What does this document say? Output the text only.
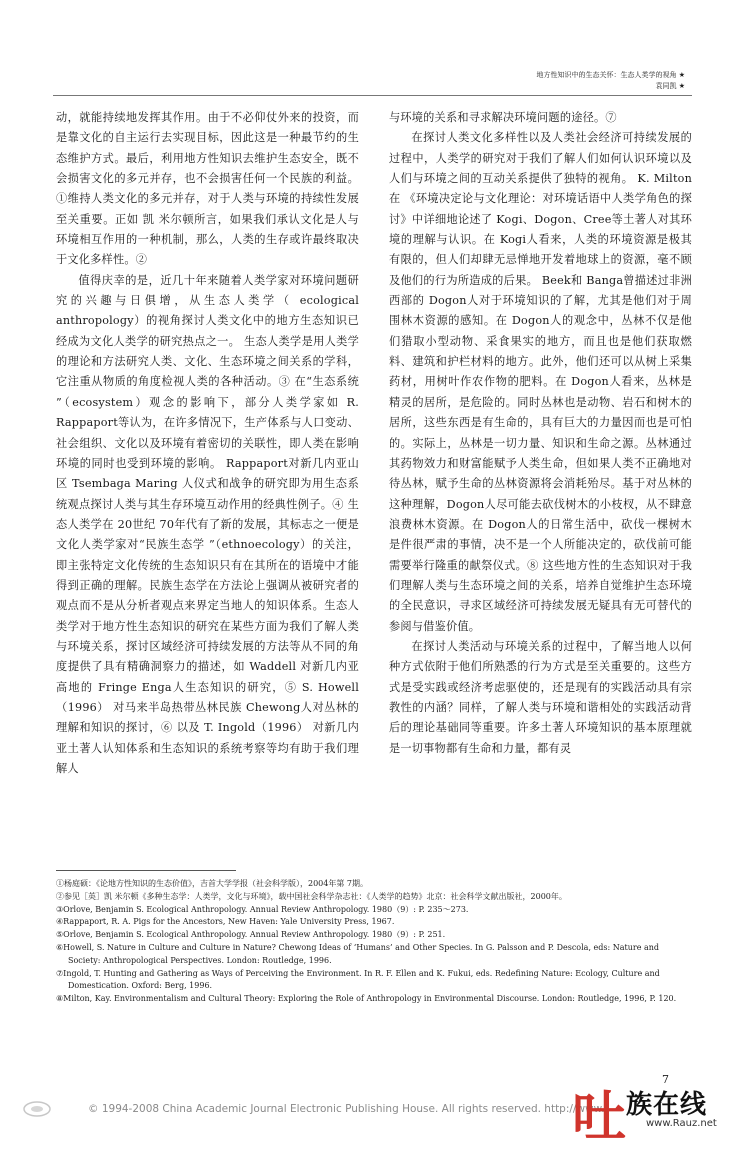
地方性知识中的生态关怀：生态人类学的视角 ★
袁同凯 ★

动，就能持续地发挥其作用。由于不必仰仗外来的投资，而是靠文化的自主运行去实现目标，因此这是一种最节约的生态维护方式。最后，利用地方性知识去维护生态安全，既不会损害文化的多元并存，也不会损害任何一个民族的利益。①维持人类文化的多元并存，对于人类与环境的持续性发展至关重要。正如 凯 米尔顿所言，如果我们承认文化是人与环境相互作用的一种机制，那么，人类的生存或许最终取决于文化多样性。②

值得庆幸的是，近几十年来随着人类学家对环境问题研究的兴趣与日俱增，从生态人类学（ ecological anthropology）的视角探讨人类文化中的地方生态知识已经成为文化人类学的研究热点之一。 生态人类学是用人类学的理论和方法研究人类、文化、生态环境之间关系的学科，它注重从物质的角度检视人类的各种活动。③ 在“生态系统 ”（ecosystem）观念的影响下，部分人类学家如 R. Rappaport等认为，在许多情况下，生产体系与人口变动、社会组织、文化以及环境有着密切的关联性，即人类在影响环境的同时也受到环境的影响。 Rappaport对新几内亚山区 Tsembaga Maring 人仪式和战争的研究即为用生态系统观点探讨人类与其生存环境互动作用的经典性例子。④ 生态人类学在 20世纪 70年代有了新的发展，其标志之一便是文化人类学家对“民族生态学 ”（ethnoecology）的关注，即主张特定文化传统的生态知识只有在其所在的语境中才能得到正确的理解。民族生态学在方法论上强调从被研究者的观点而不是从分析者观点来界定当地人的知识体系。生态人类学对于地方性生态知识的研究在某些方面为我们了解人类与环境关系，探讨区域经济可持续发展的方法等从不同的角度提供了具有精确洞察力的描述，如 Waddell 对新几内亚高地的 Fringe Enga人生态知识的研究，⑤ S. Howell（1996） 对马来半岛热带丛林民族 Chewong人对丛林的理解和知识的探讨，⑥ 以及 T. Ingold（1996） 对新几内亚土著人认知体系和生态知识的系统考察等均有助于我们理解人

与环境的关系和寻求解决环境问题的途径。⑦

在探讨人类文化多样性以及人类社会经济可持续发展的过程中，人类学的研究对于我们了解人们如何认识环境以及人们与环境之间的互动关系提供了独特的视角。 K. Milton在 《环境决定论与文化理论：对环境话语中人类学角色的探讨》中详细地论述了 Kogi、Dogon、Cree等土著人对其环境的理解与认识。在 Kogi人看来，人类的环境资源是极其有限的，但人们却肆无忌惮地开发着地球上的资源，毫不顾及他们的行为所造成的后果。 Beek和 Banga曾描述过非洲西部的 Dogon人对于环境知识的了解，尤其是他们对于周围林木资源的感知。在 Dogon人的观念中，丛林不仅是他们猎取小型动物、采食果实的地方，而且也是他们获取燃料、建筑和护栏材料的地方。此外，他们还可以从树上采集药材，用树叶作农作物的肥料。在 Dogon人看来，丛林是精灵的居所，是危险的。同时丛林也是动物、岩石和树木的居所，这些东西是有生命的，具有巨大的力量因而也是可怕的。实际上，丛林是一切力量、知识和生命之源。丛林通过其药物效力和财富能赋予人类生命，但如果人类不正确地对待丛林，赋予生命的丛林资源将会消耗殆尽。基于对丛林的这种理解，Dogon人尽可能去砍伐树木的小枝杈，从不肆意浪费林木资源。在 Dogon人的日常生活中，砍伐一棵树木是件很严肃的事情，决不是一个人所能决定的，砍伐前可能需要举行隆重的献祭仪式。⑧ 这些地方性的生态知识对于我们理解人类与生态环境之间的关系，培养自觉维护生态环境的全民意识，寻求区域经济可持续发展无疑具有无可替代的参阅与借鉴价值。

在探讨人类活动与环境关系的过程中，了解当地人以何种方式依附于他们所熟悉的行为方式是至关重要的。这些方式是受实践或经济考虑驱使的，还是现有的实践活动具有宗教性的内涵？同样，了解人类与环境和谐相处的实践活动背后的理论基础同等重要。许多土著人环境知识的基本原理就是一切事物都有生命和力量，都有灵

①杨庭硕：《论地方性知识的生态价值》，吉首大学学报（社会科学版），2004年第 7期。
②参见［英］凯 米尔顿《多种生态学：人类学，文化与环境》，载中国社会科学杂志社：《人类学的趋势》北京：社会科学文献出版社，2000年。
③Orlove, Benjamin S. Ecological Anthropology. Annual Review Anthropology. 1980（9）: P. 235～273.
④Rappaport, R. A. Pigs for the Ancestors, New Haven: Yale University Press, 1967.
⑤Orlove, Benjamin S. Ecological Anthropology. Annual Review Anthropology. 1980（9）: P. 251.
⑥Howell, S. Nature in Culture and Culture in Nature? Chewong Ideas of ‘Humans’ and Other Species. In G. Palsson and P. Descola, eds: Nature and Society: Anthropological Perspectives. London: Routledge, 1996.
⑦Ingold, T. Hunting and Gathering as Ways of Perceiving the Environment. In R. F. Ellen and K. Fukui, eds. Redefining Nature: Ecology, Culture and Domestication. Oxford: Berg, 1996.
⑧Milton, Kay. Environmentalism and Cultural Theory: Exploring the Role of Anthropology in Environmental Discourse. London: Routledge, 1996, P. 120.
7
© 1994-2008 China Academic Journal Electronic Publishing House. All rights reserved. http://www.
吐 族在线
www.Rauz.net
